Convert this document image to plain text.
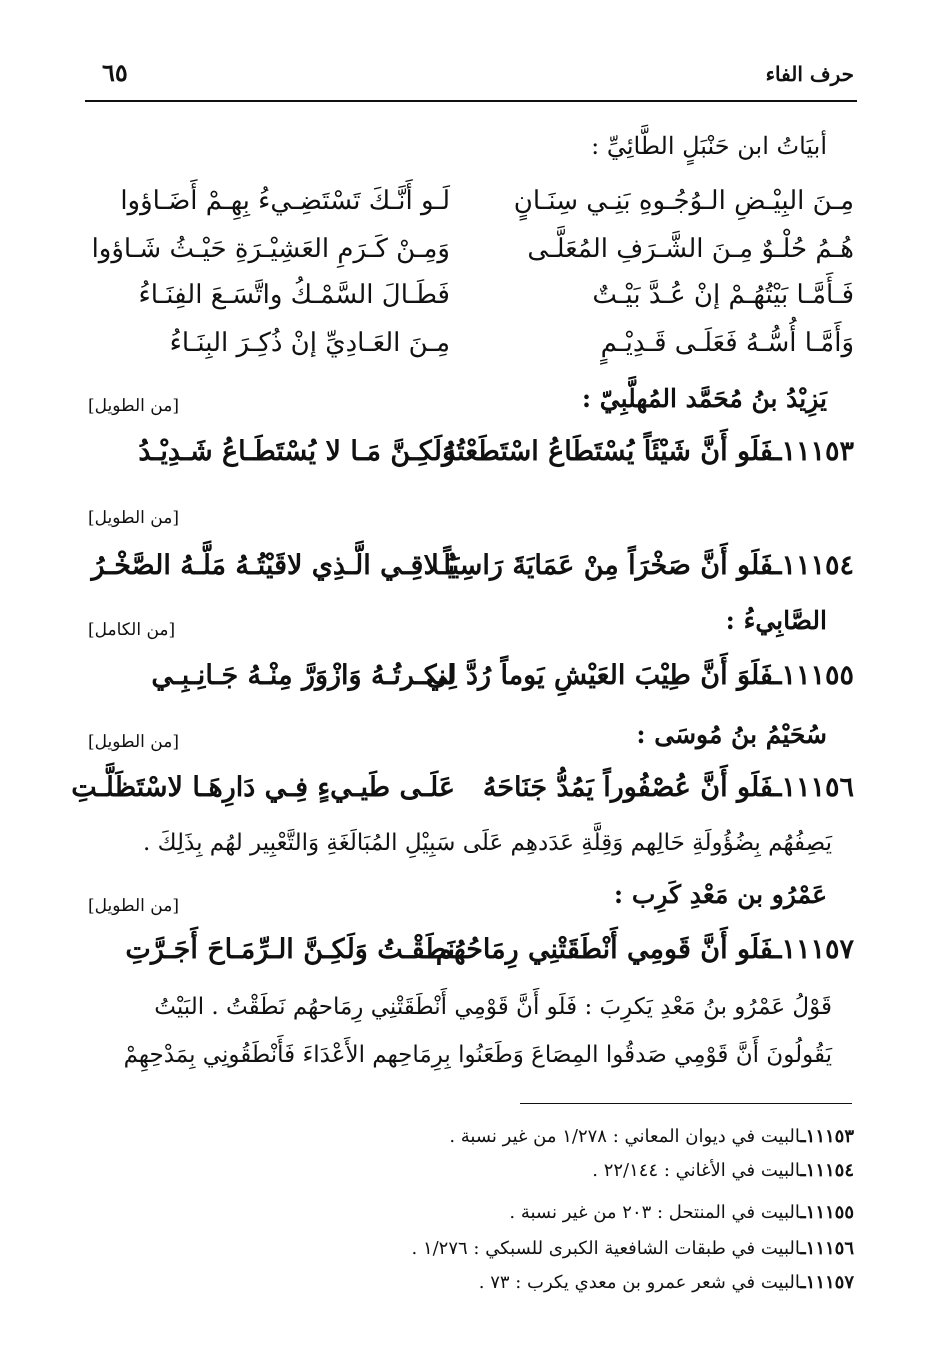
حرف الفاء
٦٥
أبيَاتُ ابن حَنْبَلٍ الطَّائِيِّ :
مِـنَ البِيْـضِ الـوُجُـوهِ بَنِـي سِنَـانٍ
لَـو أَنَّـكَ تَسْتَضِـيءُ بِهِـمْ أَضَـاؤوا
هُـمُ حُلْـوٌ مِـنَ الشَّـرَفِ المُعَلَّـى
وَمِـنْ كَـرَمِ العَشِيْـرَةِ حَيْـثُ شَـاؤوا
فَـأَمَّـا بَيْتُهُـمْ إنْ عُـدَّ بَيْـتٌ
فَطَـالَ السَّمْـكُ واتَّسَـعَ الفِنَـاءُ
وَأَمَّـا أُسُّـهُ فَعَلَـى قَـدِيْـمٍ
مِـنَ العَـادِيِّ إنْ ذُكِـرَ البِنَـاءُ
يَزِيْدُ بنُ مُحَمَّد المُهلَّبِيّ :
[من الطويل]
١١١٥٣ـفَلَو أَنَّ شَيْئَاً يُسْتَطَاعُ اسْتَطَعْتُهُ
وَلَكِـنَّ مَـا لا يُسْتَطَـاعُ شَـدِيْـدُ
[من الطويل]
١١١٥٤ـفَلَو أَنَّ صَخْرَاً مِنْ عَمَايَةَ رَاسِيَاً
يُـلاقِـي الَّـذِي لاقَيْتُـهُ مَلَّـهُ الصَّخْـرُ
الصَّابِيءُ :
[من الكامل]
١١١٥٥ـفَلَوَ أَنَّ طِيْبَ العَيْشِ يَوماً رُدَّ لِي
لنكـرتُـهُ وَازْوَرَّ مِنْـهُ جَـانِـبِـي
سُحَيْمُ بنُ مُوسَى :
[من الطويل]
١١١٥٦ـفَلَو أَنَّ عُصْفُوراً يَمُدُّ جَنَاحَهُ
عَلَـى طَيـيءٍ فِـي دَارِهَـا لاسْتَظَلَّـتِ
يَصِفُهُم بِضُؤُولَةِ حَالِهم وَقِلَّةِ عَدَدهِم عَلَى سَبِيْلِ المُبَالَغَةِ وَالتَّعْبِير لهُم بِذَلِكَ .
عَمْرُو بن مَعْدِ كَرِب :
[من الطويل]
١١١٥٧ـفَلَو أَنَّ قَومِي أَنْطَقَتْنِي رِمَاحُهُم
نَطَقْـتُ وَلَكِـنَّ الـرِّمَـاحَ أَجَـرَّتِ
قَوْلُ عَمْرُو بنُ مَعْدِ يَكرِبَ : فَلَو أَنَّ قَوْمِي أَنْطَقَتْنِي رِمَاحهُم نَطَقْتُ . البَيْتُ
يَقُولُونَ أَنَّ قَوْمِي صَدقُوا المِصَاعَ وَطَعَنُوا بِرِمَاحِهم الأَعْدَاءَ فَأَنْطَقُونِي بِمَدْحِهِمْ
١١١٥٣ـالبيت في ديوان المعاني : ١/٢٧٨ من غير نسبة .
١١١٥٤ـالبيت في الأغاني : ٢٢/١٤٤ .
١١١٥٥ـالبيت في المنتحل : ٢٠٣ من غير نسبة .
١١١٥٦ـالبيت في طبقات الشافعية الكبرى للسبكي : ١/٢٧٦ .
١١١٥٧ـالبيت في شعر عمرو بن معدي يكرب : ٧٣ .
